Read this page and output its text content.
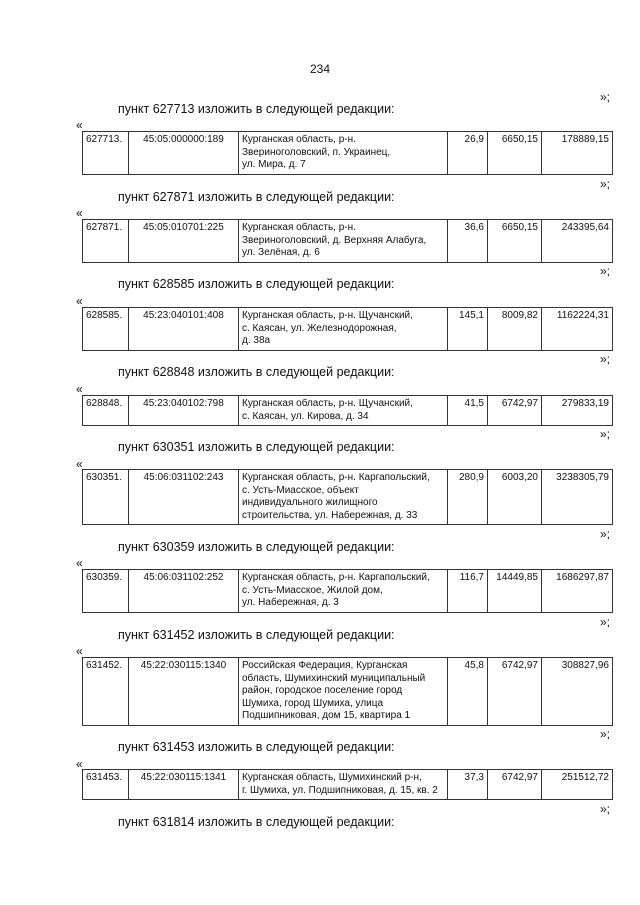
234
»;
пункт 627713 изложить в следующей редакции:
«
627713.	45:05:000000:189	Курганская область, р-н.
Звериноголовский, п. Украинец,
ул. Мира, д. 7
	26,9	6650,15	178889,15
»;
пункт 627871 изложить в следующей редакции:
«
627871.	45:05:010701:225	Курганская область, р-н.
Звериноголовский, д. Верхняя Алабуга,
ул. Зелёная, д. 6
	36,6	6650,15	243395,64
»;
пункт 628585 изложить в следующей редакции:
«
628585.	45:23:040101:408	Курганская область, р-н. Щучанский,
с. Каясан, ул. Железнодорожная,
д. 38а
	145,1	8009,82	1162224,31
»;
пункт 628848 изложить в следующей редакции:
«
628848.	45:23:040102:798	Курганская область, р-н. Щучанский,
с. Каясан, ул. Кирова, д. 34
	41,5	6742,97	279833,19
»;
пункт 630351 изложить в следующей редакции:
«
630351.	45:06:031102:243	Курганская область, р-н. Каргапольский,
с. Усть-Миасское, объект
индивидуального жилищного
строительства, ул. Набережная, д. 33
	280,9	6003,20	3238305,79
»;
пункт 630359 изложить в следующей редакции:
«
630359.	45:06:031102:252	Курганская область, р-н. Каргапольский,
с. Усть-Миасское, Жилой дом,
ул. Набережная, д. 3
	116,7	14449,85	1686297,87
»;
пункт 631452 изложить в следующей редакции:
«
631452.	45:22:030115:1340	Российская Федерация, Курганская
область, Шумихинский муниципальный
район, городское поселение город
Шумиха, город Шумиха, улица
Подшипниковая, дом 15, квартира 1
	45,8	6742,97	308827,96
»;
пункт 631453 изложить в следующей редакции:
«
631453.	45:22:030115:1341	Курганская область, Шумихинский р-н,
г. Шумиха, ул. Подшипниковая, д. 15, кв. 2
	37,3	6742,97	251512,72
»;
пункт 631814 изложить в следующей редакции:
